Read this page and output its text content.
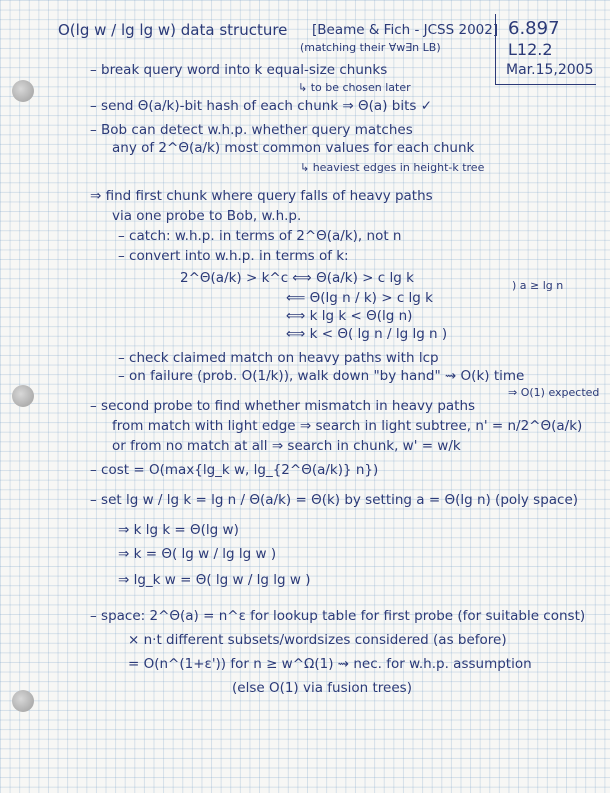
O(lg w / lg lg w) data structure [Beame & Fich - JCSS 2002]
(matching their ∀w∃n LB)
6.897
L12.2
Mar.15,2005
– break query word into k equal-size chunks
↳ to be chosen later
– send Θ(a/k)-bit hash of each chunk ⇒ Θ(a) bits ✓
– Bob can detect w.h.p. whether query matches
any of 2^Θ(a/k) most common values for each chunk
↳ heaviest edges in height-k tree
⇒ find first chunk where query falls of heavy paths
via one probe to Bob, w.h.p.
– catch: w.h.p. in terms of 2^Θ(a/k), not n
– convert into w.h.p. in terms of k:
2^Θ(a/k) > k^c ⟺ Θ(a/k) > c lg k
⟸ Θ(lg n / k) > c lg k
⟺ k lg k < Θ(lg n)
⟺ k < Θ( lg n / lg lg n )
) a ≥ lg n
– check claimed match on heavy paths with lcp
– on failure (prob. O(1/k)), walk down "by hand" ⇝ O(k) time
⇒ O(1) expected
– second probe to find whether mismatch in heavy paths
from match with light edge ⇒ search in light subtree, n' = n/2^Θ(a/k)
or from no match at all ⇒ search in chunk, w' = w/k
– cost = O(max{lg_k w, lg_{2^Θ(a/k)} n})
– set lg w / lg k = lg n / Θ(a/k) = Θ(k) by setting a = Θ(lg n) (poly space)
⇒ k lg k = Θ(lg w)
⇒ k = Θ( lg w / lg lg w )
⇒ lg_k w = Θ( lg w / lg lg w )
– space: 2^Θ(a) = n^ε for lookup table for first probe (for suitable const)
× n·t different subsets/wordsizes considered (as before)
= O(n^(1+ε')) for n ≥ w^Ω(1) ⇝ nec. for w.h.p. assumption
(else O(1) via fusion trees)
